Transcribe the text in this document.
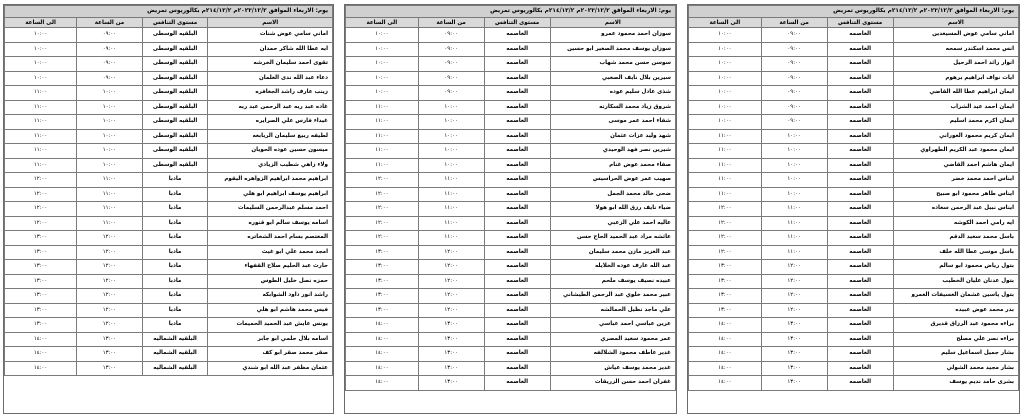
يوم: الاربعاء الموافق ٢٠٢٣/١٢/٢م ٢١٤/١٢/٢م بكالوريوس تمريض			
الاسم	مستوى التنافس	من الساعة	الى الساعة
اماني سامي عوض المسيعدين	العاصمه	٠٩:٠٠	١٠:٠٠
انس محمد اسكندر سمحه	العاصمه	٠٩:٠٠	١٠:٠٠
انوار رائد احمد الرحيل	العاصمه	٠٩:٠٠	١٠:٠٠
ايات نواف ابراهيم برهوم	العاصمه	٠٩:٠٠	١٠:٠٠
ايمان ابراهيم عطا الله القاضي	العاصمه	٠٩:٠٠	١٠:٠٠
ايمان احمد عيد الشراب	العاصمه	٠٩:٠٠	١٠:٠٠
ايمان اكرم محمد اسليم	العاصمه	٠٩:٠٠	١٠:٠٠
ايمان كريم محمود العوراني	العاصمه	١٠:٠٠	١١:٠٠
ايمان محمود عبد الكريم الطهراوي	العاصمه	١٠:٠٠	١١:٠٠
ايمان هاشم احمد القاضي	العاصمه	١٠:٠٠	١١:٠٠
ايناس احمد محمد خضر	العاصمه	١٠:٠٠	١١:٠٠
ايناس طاهر محمود ابو صبيح	العاصمه	١٠:٠٠	١١:٠٠
ايناس نبيل عبد الرحمن سعاده	العاصمه	١١:٠٠	١٢:٠٠
ايه رامي احمد الكوشه	العاصمه	١١:٠٠	١٢:٠٠
باسل محمد سعيد الدقم	العاصمه	١١:٠٠	١٢:٠٠
باسل موسى عطا الله خلف	العاصمه	١١:٠٠	١٢:٠٠
بتول رياض محمود ابو سالم	العاصمه	١٢:٠٠	١٣:٠٠
بتول عدنان عليان الخطيب	العاصمه	١٢:٠٠	١٣:٠٠
بتول ياسين غشمان العسيفات العمرو	العاصمه	١٢:٠٠	١٣:٠٠
بدر محمد عوض عبيده	العاصمه	١٢:٠٠	١٣:٠٠
براءه محمود عبد الرزاق قديرق	العاصمه	١٣:٠٠	١٤:٠٠
براءه نصر علي مصلح	العاصمه	١٣:٠٠	١٤:٠٠
بشار جميل اسماعيل سليم	العاصمه	١٣:٠٠	١٤:٠٠
بشار مجيد محمد الشولي	العاصمه	١٣:٠٠	١٤:٠٠
بشرى حامد نديم يوسف	العاصمه	١٣:٠٠	١٤:٠٠
يوم: الاربعاء الموافق ٢٠٢٣/١٢/٢م ٢١٤/١٢/٢م بكالوريوس تمريض			
الاسم	مستوى التنافس	من الساعة	الى الساعة
سوزان احمد محمود عمرو	العاصمه	٠٩:٠٠	١٠:٠٠
سوزان يوسف محمد الصغير ابو حسين	العاصمه	٠٩:٠٠	١٠:٠٠
سوسن حسن محمد شهاب	العاصمه	٠٩:٠٠	١٠:٠٠
سيرين بلال نايف الصعبي	العاصمه	٠٩:٠٠	١٠:٠٠
شذى عادل سليم عوده	العاصمه	٠٩:٠٠	١٠:٠٠
شروق زياد محمد السكارنه	العاصمه	١٠:٠٠	١١:٠٠
شفاء احمد عمر موسى	العاصمه	١٠:٠٠	١١:٠٠
شهد وليد عزات عثمان	العاصمه	١٠:٠٠	١١:٠٠
شيرين نصر فهد الوحيدي	العاصمه	١٠:٠٠	١١:٠٠
صفاء محمد عوض غنام	العاصمه	١٠:٠٠	١١:٠٠
صهيب عمر عوض الحراسيس	العاصمه	١١:٠٠	١٢:٠٠
ضحى خالد محمد الجمل	العاصمه	١١:٠٠	١٢:٠٠
ضياء نايف رزق الله ابو هولا	العاصمه	١١:٠٠	١٢:٠٠
عاليه احمد علي الزعبي	العاصمه	١١:٠٠	١٢:٠٠
عائشه مراد عبد الحميد الحاج حسن	العاصمه	١١:٠٠	١٢:٠٠
عبد العزيز مازن محمد سليمان	العاصمه	١٢:٠٠	١٣:٠٠
عبد الله عارف عوده الخلايله	العاصمه	١٢:٠٠	١٣:٠٠
عبيده نصيف يوسف ملحم	العاصمه	١٢:٠٠	١٣:٠٠
عبير محمد خلوي عبد الرحمن الطيشاني	العاصمه	١٢:٠٠	١٣:٠٠
علي ماجد نظيل الحمالشه	العاصمه	١٢:٠٠	١٣:٠٠
عرين عباسي احمد عباسي	العاصمه	١٣:٠٠	١٤:٠٠
عمر محمود سعيد المصري	العاصمه	١٣:٠٠	١٤:٠٠
غدير عاطف محمود الشلالفه	العاصمه	١٣:٠٠	١٤:٠٠
غدير محمد يوسف عياش	العاصمه	١٣:٠٠	١٤:٠٠
غفران احمد حسن الزريقات	العاصمه	١٣:٠٠	١٤:٠٠
يوم: الاربعاء الموافق ٢٠٢٣/١٢/٢م ٢١٤/١٢/٢م بكالوريوس تمريض			
الاسم	مستوى التنافس	من الساعة	الى الساعة
اماني سامي عوض شنات	البلقيه الوسطى	٠٩:٠٠	١٠:٠٠
ايه عطا الله شاكر حمدان	البلقيه الوسطى	٠٩:٠٠	١٠:٠٠
تقوى احمد سليمان الخرشه	البلقيه الوسطى	٠٩:٠٠	١٠:٠٠
دعاء عبد الله ندى العلمان	البلقيه الوسطى	٠٩:٠٠	١٠:٠٠
زينب عارف راشد الجعافره	البلقيه الوسطى	١٠:٠٠	١١:٠٠
غاده عبد ربه عبد الرحمن عبد ربه	البلقيه الوسطى	١٠:٠٠	١١:٠٠
غيداء فارس علي الصرايره	البلقيه الوسطى	١٠:٠٠	١١:٠٠
لطيفه ربيع سليمان الربابعه	البلقيه الوسطى	١٠:٠٠	١١:٠٠
ميسون حسين عوده الحويان	البلقيه الوسطى	١٠:٠٠	١١:٠٠
ولاء زاهي شطيب الزيادي	البلقيه الوسطى	١٠:٠٠	١١:٠٠
ابراهيم محمد ابراهيم الزواهره اليقوم	مادبا	١١:٠٠	١٢:٠٠
ابراهيم يوسف ابراهيم ابو هلي	مادبا	١١:٠٠	١٢:٠٠
احمد مسلم عبدالرحمن السليمات	مادبا	١١:٠٠	١٢:٠٠
اسامه يوسف سالم ابو قنوره	مادبا	١١:٠٠	١٢:٠٠
المعتصم بسام احمد الشخاتره	مادبا	١٢:٠٠	١٣:٠٠
امجد محمد علي ابو غيث	مادبا	١٢:٠٠	١٣:٠٠
حارث عبد الحليم صلاح القفهاء	مادبا	١٢:٠٠	١٣:٠٠
حمزه نصل خليل الطوس	مادبا	١٢:٠٠	١٣:٠٠
راشد انور داود الشوابكه	مادبا	١٢:٠٠	١٣:٠٠
فيس محمد هاشم ابو هلي	مادبا	١٢:٠٠	١٣:٠٠
يونس عايش عبد الحميد الحميمات	مادبا	١٢:٠٠	١٣:٠٠
اسامه بلال حلمي ابو جابر	البلقيه الشماليه	١٣:٠٠	١٤:٠٠
صقر محمد صقر ابو كف	البلقيه الشماليه	١٣:٠٠	١٤:٠٠
عثمان مظفر عبد الله ابو شندي	البلقيه الشماليه	١٣:٠٠	١٤:٠٠
